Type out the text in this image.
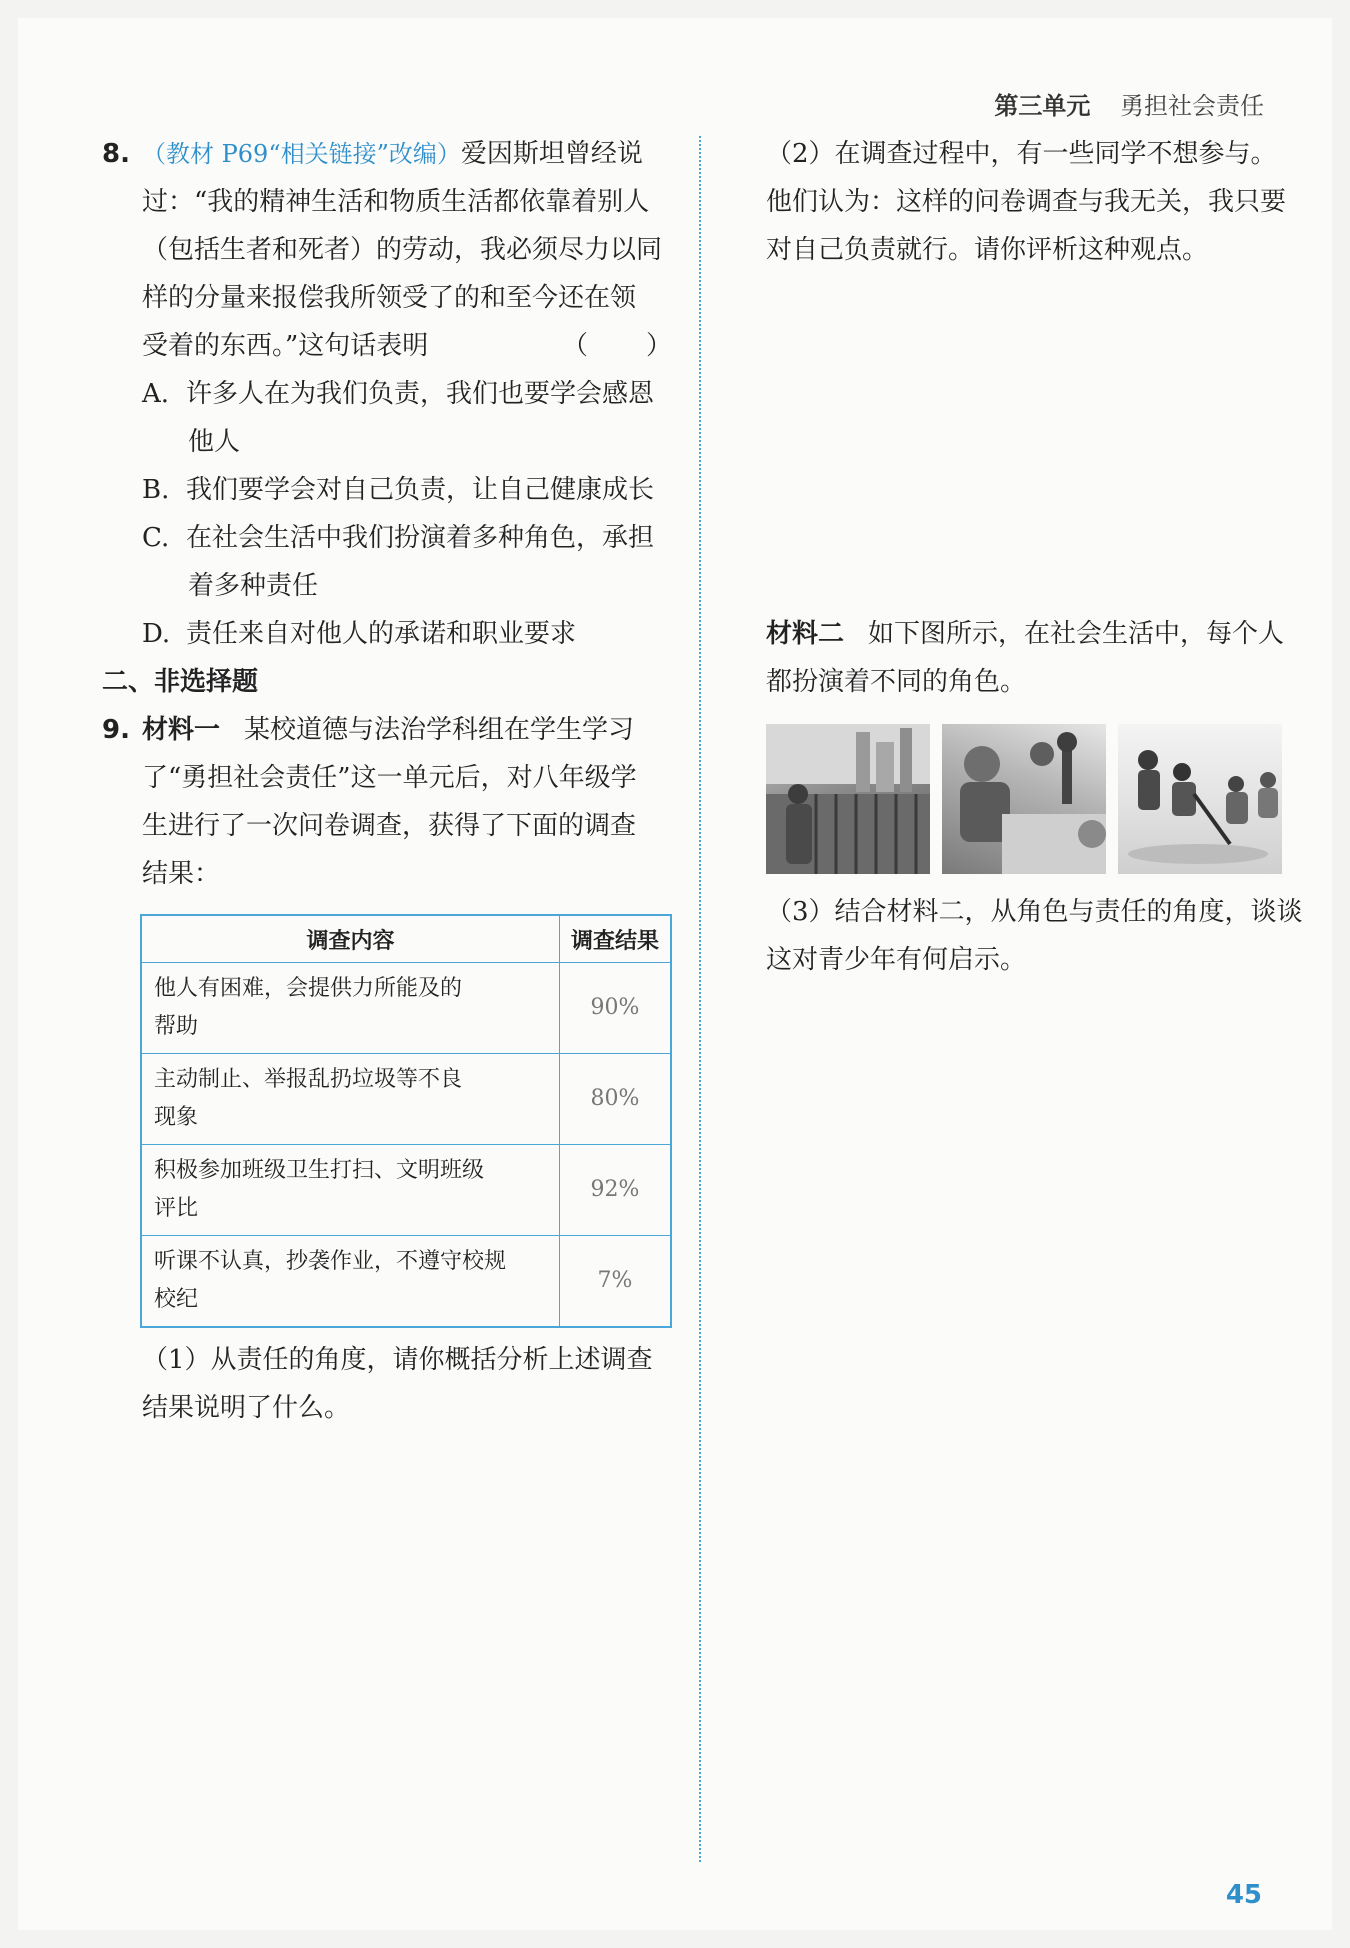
第三单元 勇担社会责任
8. （教材 P69“相关链接”改编）爱因斯坦曾经说
过：“我的精神生活和物质生活都依靠着别人
（包括生者和死者）的劳动，我必须尽力以同
样的分量来报偿我所领受了的和至今还在领
受着的东西。”这句话表明	（　　）
A. 许多人在为我们负责，我们也要学会感恩
他人
B. 我们要学会对自己负责，让自己健康成长
C. 在社会生活中我们扮演着多种角色，承担
着多种责任
D. 责任来自对他人的承诺和职业要求
二、非选择题
9. 材料一 某校道德与法治学科组在学生学习
了“勇担社会责任”这一单元后，对八年级学
生进行了一次问卷调查，获得了下面的调查
结果：
调查内容	调查结果
他人有困难，会提供力所能及的
帮助	90%
主动制止、举报乱扔垃圾等不良
现象	80%
积极参加班级卫生打扫、文明班级
评比	92%
听课不认真，抄袭作业，不遵守校规
校纪	7%
（1）从责任的角度，请你概括分析上述调查
结果说明了什么。
（2）在调查过程中，有一些同学不想参与。
他们认为：这样的问卷调查与我无关，我只要
对自己负责就行。请你评析这种观点。
材料二 如下图所示，在社会生活中，每个人
都扮演着不同的角色。
（3）结合材料二，从角色与责任的角度，谈谈
这对青少年有何启示。
45
